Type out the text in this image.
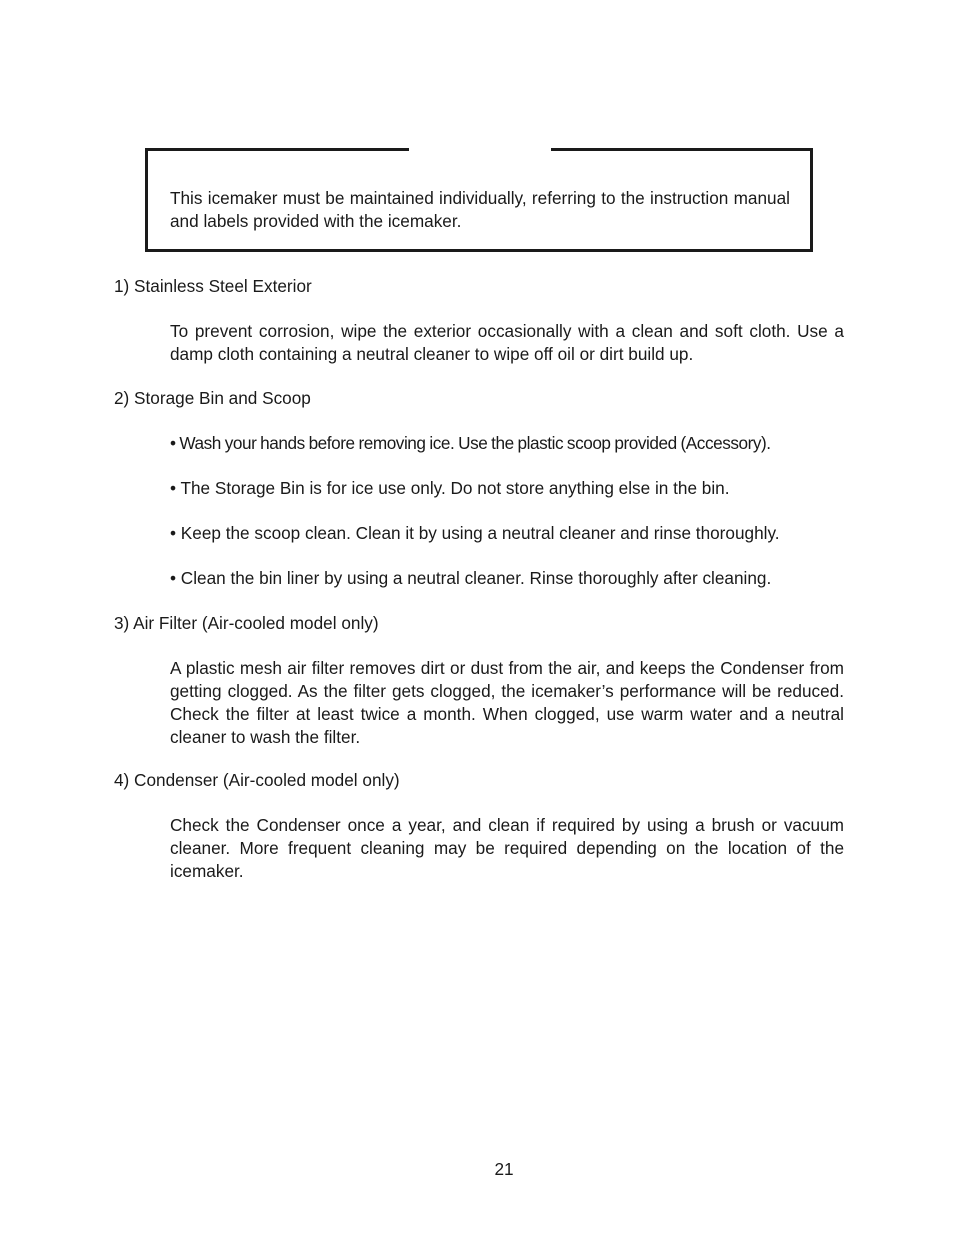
This icemaker must be maintained individually, referring to the instruction manual and labels provided with the icemaker.
1) Stainless Steel Exterior
To prevent corrosion, wipe the exterior occasionally with a clean and soft cloth. Use a damp cloth containing a neutral cleaner to wipe off oil or dirt build up.
2) Storage Bin and Scoop
• Wash your hands before removing ice. Use the plastic scoop provided (Accessory).
• The Storage Bin is for ice use only. Do not store anything else in the bin.
• Keep the scoop clean. Clean it by using a neutral cleaner and rinse thoroughly.
• Clean the bin liner by using a neutral cleaner. Rinse thoroughly after cleaning.
3) Air Filter (Air-cooled model only)
A plastic mesh air filter removes dirt or dust from the air, and keeps the Condenser from getting clogged. As the filter gets clogged, the icemaker’s performance will be reduced. Check the filter at least twice a month. When clogged, use warm water and a neutral cleaner to wash the filter.
4) Condenser (Air-cooled model only)
Check the Condenser once a year, and clean if required by using a brush or vacuum cleaner. More frequent cleaning may be required depending on the location of the icemaker.
21
